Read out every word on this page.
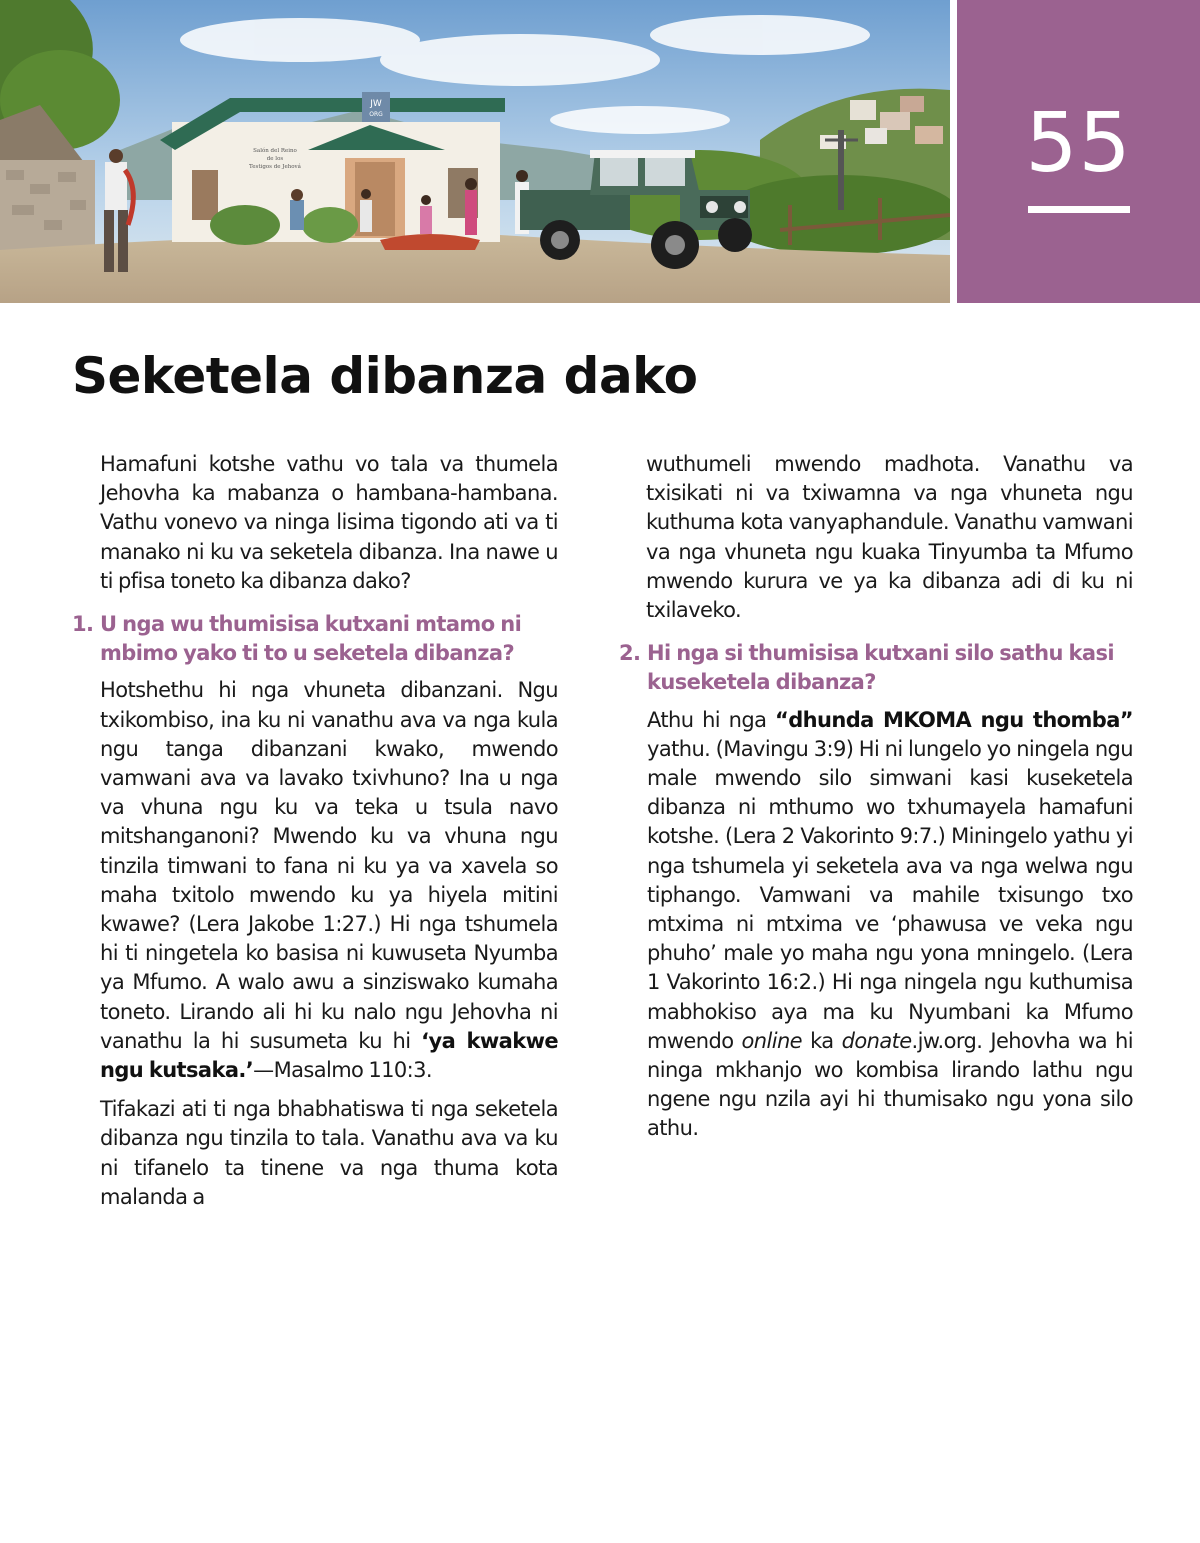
JW
ORG
Salón del Reino
de los
Testigos de Jehová	55
Seketela dibanza dako

Hamafuni kotshe vathu vo tala va thumela Jehovha ka mabanza o hambana-hambana. Vathu vonevo va ninga lisima tigondo ati va ti manako ni ku va seketela dibanza. Ina nawe u ti pfisa toneto ka dibanza dako?

1. U nga wu thumisisa kutxani mtamo ni mbimo yako ti to u seketela dibanza?

Hotshethu hi nga vhuneta dibanzani. Ngu txikombiso, ina ku ni vanathu ava va nga kula ngu tanga dibanzani kwako, mwendo vamwani ava va lavako txivhuno? Ina u nga va vhuna ngu ku va teka u tsula navo mitshanganoni? Mwendo ku va vhuna ngu tinzila timwani to fana ni ku ya va xavela so maha txitolo mwendo ku ya hiyela mitini kwawe? (Lera Jakobe 1:27.) Hi nga tshumela hi ti ningetela ko basisa ni kuwuseta Nyumba ya Mfumo. A walo awu a sinziswako kumaha toneto. Lirando ali hi ku nalo ngu Jehovha ni vanathu la hi susumeta ku hi ‘ya kwakwe ngu kutsaka.’—Masalmo 110:3.

Tifakazi ati ti nga bhabhatiswa ti nga seketela dibanza ngu tinzila to tala. Vanathu ava va ku ni tifanelo ta tinene va nga thuma kota malanda a

wuthumeli mwendo madhota. Vanathu va txisikati ni va txiwamna va nga vhuneta ngu kuthuma kota vanyaphandule. Vanathu vamwani va nga vhuneta ngu kuaka Tinyumba ta Mfumo mwendo kurura ve ya ka dibanza adi di ku ni txilaveko.

2. Hi nga si thumisisa kutxani silo sathu kasi kuseketela dibanza?

Athu hi nga “dhunda MKOMA ngu thomba” yathu. (Mavingu 3:9) Hi ni lungelo yo ningela ngu male mwendo silo simwani kasi kuseketela dibanza ni mthumo wo txhumayela hamafuni kotshe. (Lera 2 Vakorinto 9:7.) Miningelo yathu yi nga tshumela yi seketela ava va nga welwa ngu tiphango. Vamwani va mahile txisungo txo mtxima ni mtxima ve ‘phawusa ve veka ngu phuho’ male yo maha ngu yona mningelo. (Lera 1 Vakorinto 16:2.) Hi nga ningela ngu kuthumisa mabhokiso aya ma ku Nyumbani ka Mfumo mwendo online ka donate.jw.org. Jehovha wa hi ninga mkhanjo wo kombisa lirando lathu ngu ngene ngu nzila ayi hi thumisako ngu yona silo athu.
